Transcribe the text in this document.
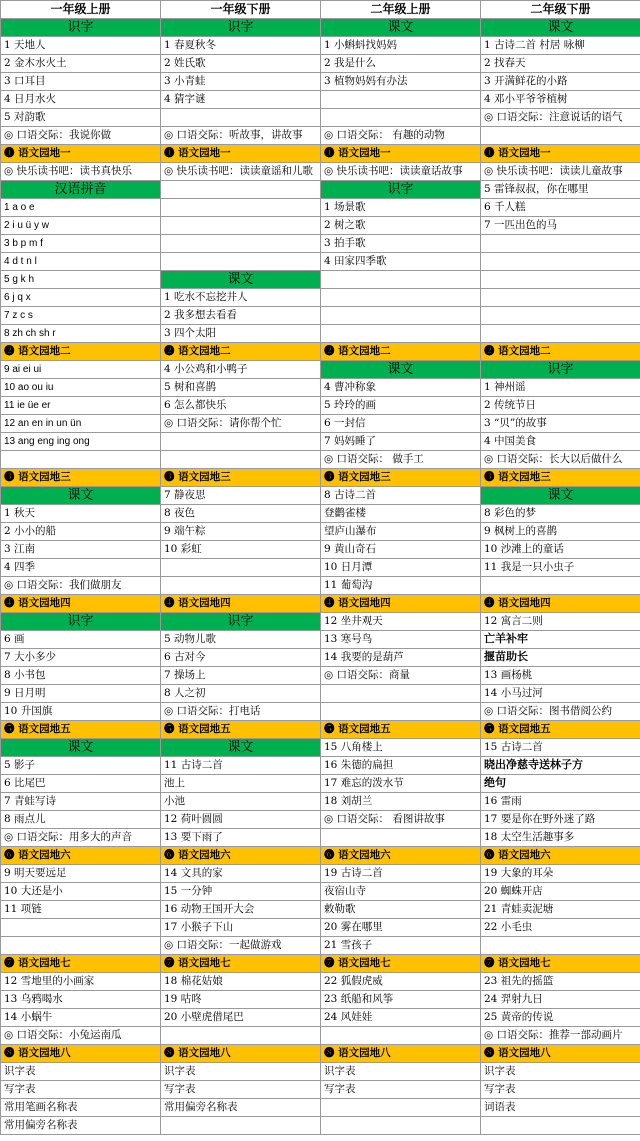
一年级上册	一年级下册	二年级上册	二年级下册
识字	识字	课文	课文
1 天地人	1 春夏秋冬	1 小蝌蚪找妈妈	1 古诗二首 村居 咏柳
2 金木水火土	2 姓氏歌	2 我是什么	2 找春天
3 口耳目	3 小青蛙	3 植物妈妈有办法	3 开满鲜花的小路
4 日月水火	4 猜字谜		4 邓小平爷爷植树
5 对韵歌			◎ 口语交际：注意说话的语气
◎ 口语交际：我说你做	◎ 口语交际：听故事，讲故事	◎ 口语交际： 有趣的动物	
❶ 语文园地一	❶ 语文园地一	❶ 语文园地一	❶ 语文园地一
◎ 快乐读书吧：读书真快乐	◎ 快乐读书吧：读读童谣和儿歌	◎ 快乐读书吧：读读童话故事	◎ 快乐读书吧：读读儿童故事
汉语拼音		识字	5 雷锋叔叔，你在哪里
1 a o e		1 场景歌	6 千人糕
2 i u ü y w		2 树之歌	7 一匹出色的马
3 b p m f		3 拍手歌	
4 d t n l		4 田家四季歌	
5 g k h	课文		
6 j q x	1 吃水不忘挖井人		
7 z c s	2 我多想去看看		
8 zh ch sh r	3 四个太阳		
❷ 语文园地二	❷ 语文园地二	❷ 语文园地二	❷ 语文园地二
9 ai ei ui	4 小公鸡和小鸭子	课文	识字
10 ao ou iu	5 树和喜鹊	4 曹冲称象	1 神州谣
11 ie üe er	6 怎么都快乐	5 玲玲的画	2 传统节日
12 an en in un ün	◎ 口语交际：请你帮个忙	6 一封信	3 “贝”的故事
13 ang eng ing ong		7 妈妈睡了	4 中国美食
		◎ 口语交际： 做手工	◎ 口语交际：长大以后做什么
❸ 语文园地三	❸ 语文园地三	❸ 语文园地三	❸ 语文园地三
课文	7 静夜思	8 古诗二首	课文
1 秋天	8 夜色	登鹳雀楼	8 彩色的梦
2 小小的船	9 端午粽	望庐山瀑布	9 枫树上的喜鹊
3 江南	10 彩虹	9 黄山奇石	10 沙滩上的童话
4 四季		10 日月潭	11 我是一只小虫子
◎ 口语交际：我们做朋友		11 葡萄沟	
❹ 语文园地四	❹ 语文园地四	❹ 语文园地四	❹ 语文园地四
识字	识字	12 坐井观天	12 寓言二则
6 画	5 动物儿歌	13 寒号鸟	亡羊补牢
7 大小多少	6 古对今	14 我要的是葫芦	揠苗助长
8 小书包	7 操场上	◎ 口语交际：商量	13 画杨桃
9 日月明	8 人之初		14 小马过河
10 升国旗	◎ 口语交际：打电话		◎ 口语交际：图书借阅公约
❺ 语文园地五	❺ 语文园地五	❺ 语文园地五	❺ 语文园地五
课文	课文	15 八角楼上	15 古诗二首
5 影子	11 古诗二首	16 朱德的扁担	晓出净慈寺送林子方
6 比尾巴	池上	17 难忘的泼水节	绝句
7 青蛙写诗	小池	18 刘胡兰	16 雷雨
8 雨点儿	12 荷叶圆圆	◎ 口语交际： 看图讲故事	17 要是你在野外迷了路
◎ 口语交际：用多大的声音	13 要下雨了		18 太空生活趣事多
❻ 语文园地六	❻ 语文园地六	❻ 语文园地六	❻ 语文园地六
9 明天要远足	14 文具的家	19 古诗二首	19 大象的耳朵
10 大还是小	15 一分钟	夜宿山寺	20 蜘蛛开店
11 项链	16 动物王国开大会	敕勒歌	21 青蛙卖泥塘
	17 小猴子下山	20 雾在哪里	22 小毛虫
	◎ 口语交际：一起做游戏	21 雪孩子	
❼ 语文园地七	❼ 语文园地七	❼ 语文园地七	❼ 语文园地七
12 雪地里的小画家	18 棉花姑娘	22 狐假虎威	23 祖先的摇篮
13 乌鸦喝水	19 咕咚	23 纸船和风筝	24 羿射九日
14 小蜗牛	20 小壁虎借尾巴	24 风娃娃	25 黄帝的传说
◎ 口语交际：小兔运南瓜			◎ 口语交际：推荐一部动画片
❽ 语文园地八	❽ 语文园地八	❽ 语文园地八	❽ 语文园地八
识字表	识字表	识字表	识字表
写字表	写字表	写字表	写字表
常用笔画名称表	常用偏旁名称表		词语表
常用偏旁名称表			
